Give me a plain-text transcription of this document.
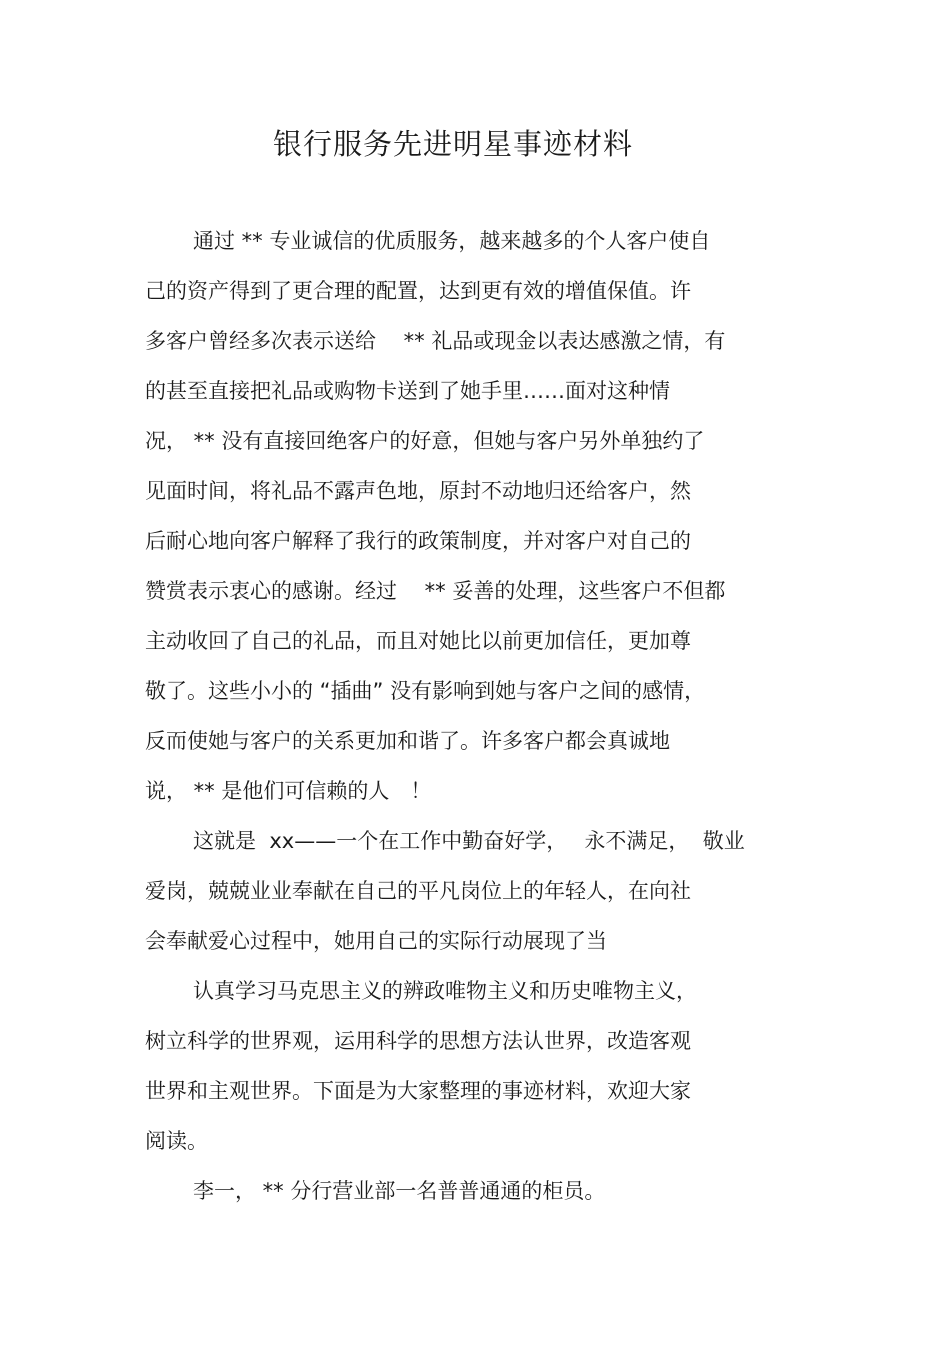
银行服务先进明星事迹材料
通过 ** 专业诚信的优质服务，越来越多的个人客户使自
己的资产得到了更合理的配置，达到更有效的增值保值。许
多客户曾经多次表示送给　 ** 礼品或现金以表达感激之情，有
的甚至直接把礼品或购物卡送到了她手里……面对这种情
况， ** 没有直接回绝客户的好意，但她与客户另外单独约了
见面时间，将礼品不露声色地，原封不动地归还给客户，然
后耐心地向客户解释了我行的政策制度，并对客户对自己的
赞赏表示衷心的感谢。经过　 ** 妥善的处理，这些客户不但都
主动收回了自己的礼品，而且对她比以前更加信任，更加尊
敬了。这些小小的 “插曲” 没有影响到她与客户之间的感情，
反而使她与客户的关系更加和谐了。许多客户都会真诚地
说， ** 是他们可信赖的人　！
这就是  xx——一个在工作中勤奋好学，　 永不满足，  敬业
爱岗，兢兢业业奉献在自己的平凡岗位上的年轻人，在向社
会奉献爱心过程中，她用自己的实际行动展现了当
认真学习马克思主义的辨政唯物主义和历史唯物主义，
树立科学的世界观，运用科学的思想方法认世界，改造客观
世界和主观世界。下面是为大家整理的事迹材料，欢迎大家
阅读。
李一， ** 分行营业部一名普普通通的柜员。
